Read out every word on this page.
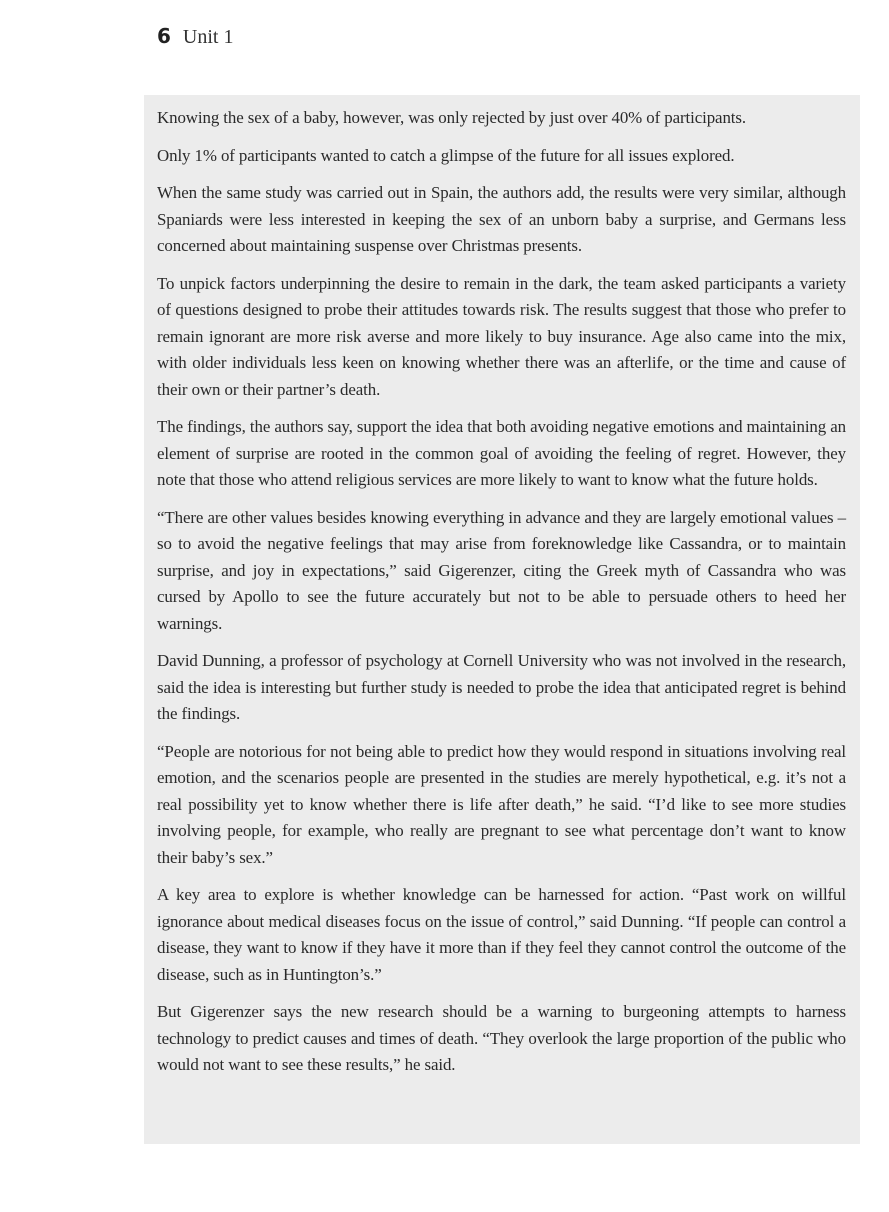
6 Unit 1

Knowing the sex of a baby, however, was only rejected by just over 40% of participants.

Only 1% of participants wanted to catch a glimpse of the future for all issues explored.

When the same study was carried out in Spain, the authors add, the results were very similar, although Spaniards were less interested in keeping the sex of an unborn baby a surprise, and Germans less concerned about maintaining suspense over Christmas presents.

To unpick factors underpinning the desire to remain in the dark, the team asked participants a variety of questions designed to probe their attitudes towards risk. The results suggest that those who prefer to remain ignorant are more risk averse and more likely to buy insurance. Age also came into the mix, with older individuals less keen on knowing whether there was an afterlife, or the time and cause of their own or their partner’s death.

The findings, the authors say, support the idea that both avoiding negative emotions and maintaining an element of surprise are rooted in the common goal of avoiding the feeling of regret. However, they note that those who attend religious services are more likely to want to know what the future holds.

“There are other values besides knowing everything in advance and they are largely emotional values – so to avoid the negative feelings that may arise from foreknowledge like Cassandra, or to maintain surprise, and joy in expectations,” said Gigerenzer, citing the Greek myth of Cassandra who was cursed by Apollo to see the future accurately but not to be able to persuade others to heed her warnings.

David Dunning, a professor of psychology at Cornell University who was not involved in the research, said the idea is interesting but further study is needed to probe the idea that anticipated regret is behind the findings.

“People are notorious for not being able to predict how they would respond in situations involving real emotion, and the scenarios people are presented in the studies are merely hypothetical, e.g. it’s not a real possibility yet to know whether there is life after death,” he said. “I’d like to see more studies involving people, for example, who really are pregnant to see what percentage don’t want to know their baby’s sex.”

A key area to explore is whether knowledge can be harnessed for action. “Past work on willful ignorance about medical diseases focus on the issue of control,” said Dunning. “If people can control a disease, they want to know if they have it more than if they feel they cannot control the outcome of the disease, such as in Huntington’s.”

But Gigerenzer says the new research should be a warning to burgeoning attempts to harness technology to predict causes and times of death. “They overlook the large proportion of the public who would not want to see these results,” he said.
